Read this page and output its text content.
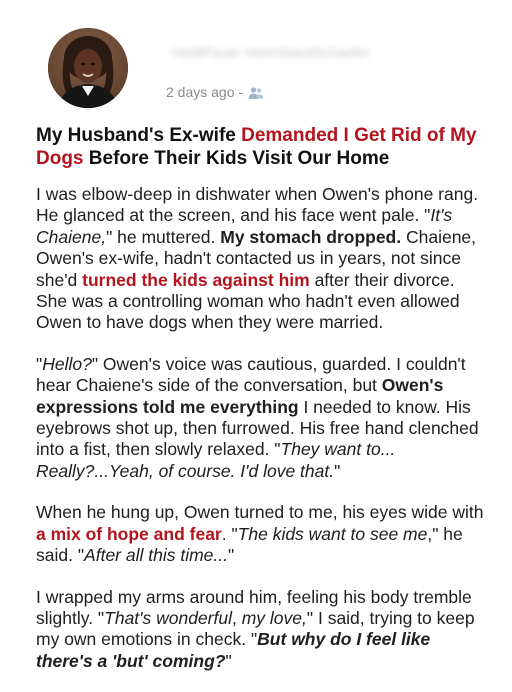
HeidiFeuer HeimStandSchaefer
2 days ago -
My Husband's Ex-wife Demanded I Get Rid of My Dogs Before Their Kids Visit Our Home

I was elbow-deep in dishwater when Owen's phone rang. He glanced at the screen, and his face went pale. "It's Chaiene," he muttered. My stomach dropped. Chaiene, Owen's ex-wife, hadn't contacted us in years, not since she'd turned the kids against him after their divorce. She was a controlling woman who hadn't even allowed Owen to have dogs when they were married.

"Hello?" Owen's voice was cautious, guarded. I couldn't hear Chaiene's side of the conversation, but Owen's expressions told me everything I needed to know. His eyebrows shot up, then furrowed. His free hand clenched into a fist, then slowly relaxed. "They want to... Really?...Yeah, of course. I'd love that."

When he hung up, Owen turned to me, his eyes wide with a mix of hope and fear. "The kids want to see me," he said. "After all this time..."

I wrapped my arms around him, feeling his body tremble slightly. "That's wonderful, my love," I said, trying to keep my own emotions in check. "But why do I feel like there's a 'but' coming?"
